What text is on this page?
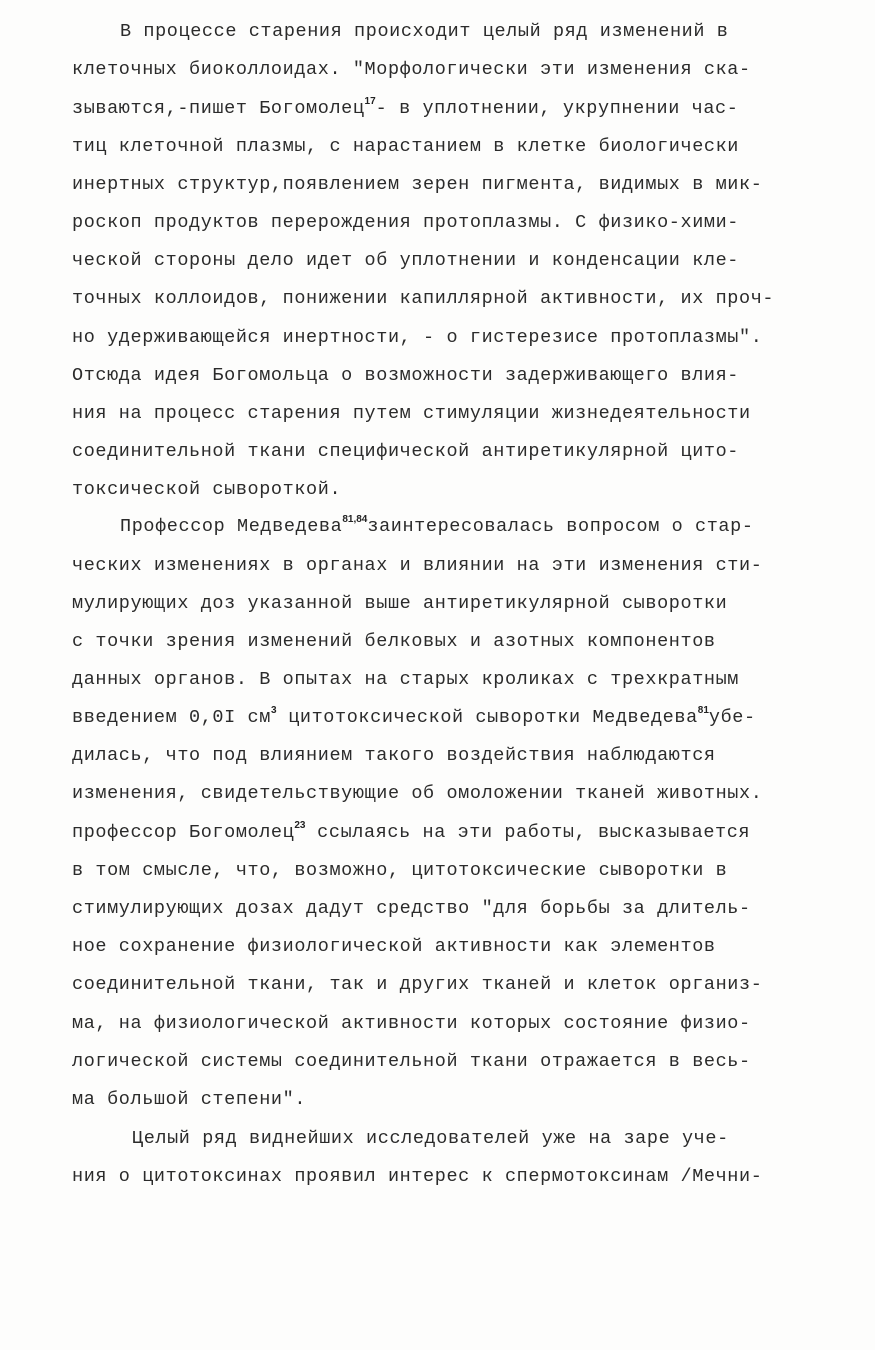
В процессе старения происходит целый ряд изменений в
клеточных биоколлоидах. "Морфологически эти изменения ска-
зываются,-пишет Богомолец$^{17}$- в уплотнении, укрупнении час-
тиц клеточной плазмы, с нарастанием в клетке биологически
инертных структур,появлением зерен пигмента, видимых в мик-
роскоп продуктов перерождения протоплазмы. С физико-хими-
ческой стороны дело идет об уплотнении и конденсации кле-
точных коллоидов, понижении капиллярной активности, их проч-
но удерживающейся инертности, - о гистерезисе протоплазмы".
Отсюда идея Богомольца о возможности задерживающего влия-
ния на процесс старения путем стимуляции жизнедеятельности
соединительной ткани специфической антиретикулярной цито-
токсической сывороткой.
Профессор Медведева$^{81,84}$заинтересовалась вопросом о стар-
ческих изменениях в органах и влиянии на эти изменения сти-
мулирующих доз указанной выше антиретикулярной сыворотки
с точки зрения изменений белковых и азотных компонентов
данных органов. В опытах на старых кроликах с трехкратным
введением 0,0I $см^3$ цитотоксической сыворотки Медведева$^{81}$убе-
дилась, что под влиянием такого воздействия наблюдаются
изменения, свидетельствующие об омоложении тканей животных.
профессор Богомолец$^{23}$ ссылаясь на эти работы, высказывается
в том смысле, что, возможно, цитотоксические сыворотки в
стимулирующих дозах дадут средство "для борьбы за длитель-
ное сохранение физиологической активности как элементов
соединительной ткани, так и других тканей и клеток организ-
ма, на физиологической активности которых состояние физио-
логической системы соединительной ткани отражается в весь-
ма большой степени".
Целый ряд виднейших исследователей уже на заре уче-
ния о цитотоксинах проявил интерес к спермотоксинам /Мечни-
